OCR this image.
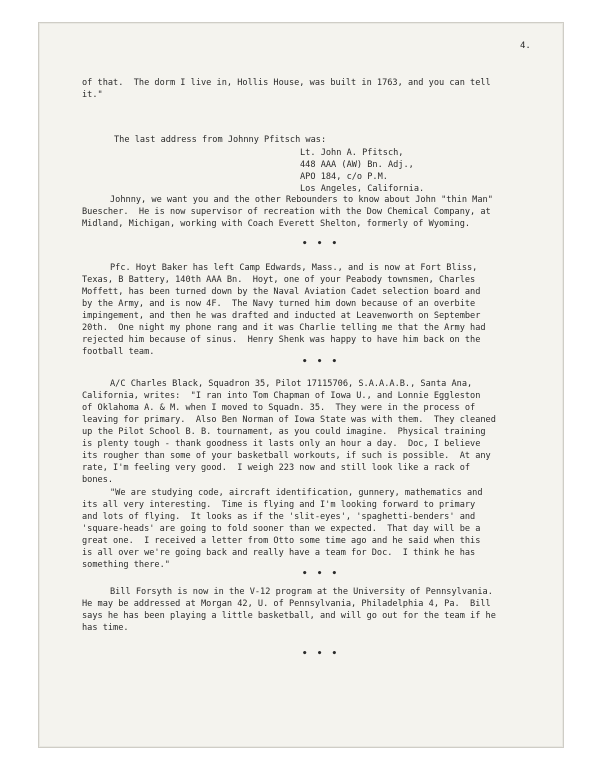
4.
of that.  The dorm I live in, Hollis House, was built in 1763, and you can tell
it."
The last address from Johnny Pfitsch was:
Lt. John A. Pfitsch,
448 AAA (AW) Bn. Adj.,
APO 184, c/o P.M.
Los Angeles, California.
Johnny, we want you and the other Rebounders to know about John "thin Man"
Buescher.  He is now supervisor of recreation with the Dow Chemical Company, at
Midland, Michigan, working with Coach Everett Shelton, formerly of Wyoming.
• • •
Pfc. Hoyt Baker has left Camp Edwards, Mass., and is now at Fort Bliss,
Texas, B Battery, 140th AAA Bn.  Hoyt, one of your Peabody townsmen, Charles
Moffett, has been turned down by the Naval Aviation Cadet selection board and
by the Army, and is now 4F.  The Navy turned him down because of an overbite
impingement, and then he was drafted and inducted at Leavenworth on September
20th.  One night my phone rang and it was Charlie telling me that the Army had
rejected him because of sinus.  Henry Shenk was happy to have him back on the
football team.
• • •
A/C Charles Black, Squadron 35, Pilot 17115706, S.A.A.A.B., Santa Ana,
California, writes:  "I ran into Tom Chapman of Iowa U., and Lonnie Eggleston
of Oklahoma A. & M. when I moved to Squadn. 35.  They were in the process of
leaving for primary.  Also Ben Norman of Iowa State was with them.  They cleaned
up the Pilot School B. B. tournament, as you could imagine.  Physical training
is plenty tough - thank goodness it lasts only an hour a day.  Doc, I believe
its rougher than some of your basketball workouts, if such is possible.  At any
rate, I'm feeling very good.  I weigh 223 now and still look like a rack of
bones.
"We are studying code, aircraft identification, gunnery, mathematics and
its all very interesting.  Time is flying and I'm looking forward to primary
and lots of flying.  It looks as if the 'slit-eyes', 'spaghetti-benders' and
'square-heads' are going to fold sooner than we expected.  That day will be a
great one.  I received a letter from Otto some time ago and he said when this
is all over we're going back and really have a team for Doc.  I think he has
something there."
• • •
Bill Forsyth is now in the V-12 program at the University of Pennsylvania.
He may be addressed at Morgan 42, U. of Pennsylvania, Philadelphia 4, Pa.  Bill
says he has been playing a little basketball, and will go out for the team if he
has time.
• • •
